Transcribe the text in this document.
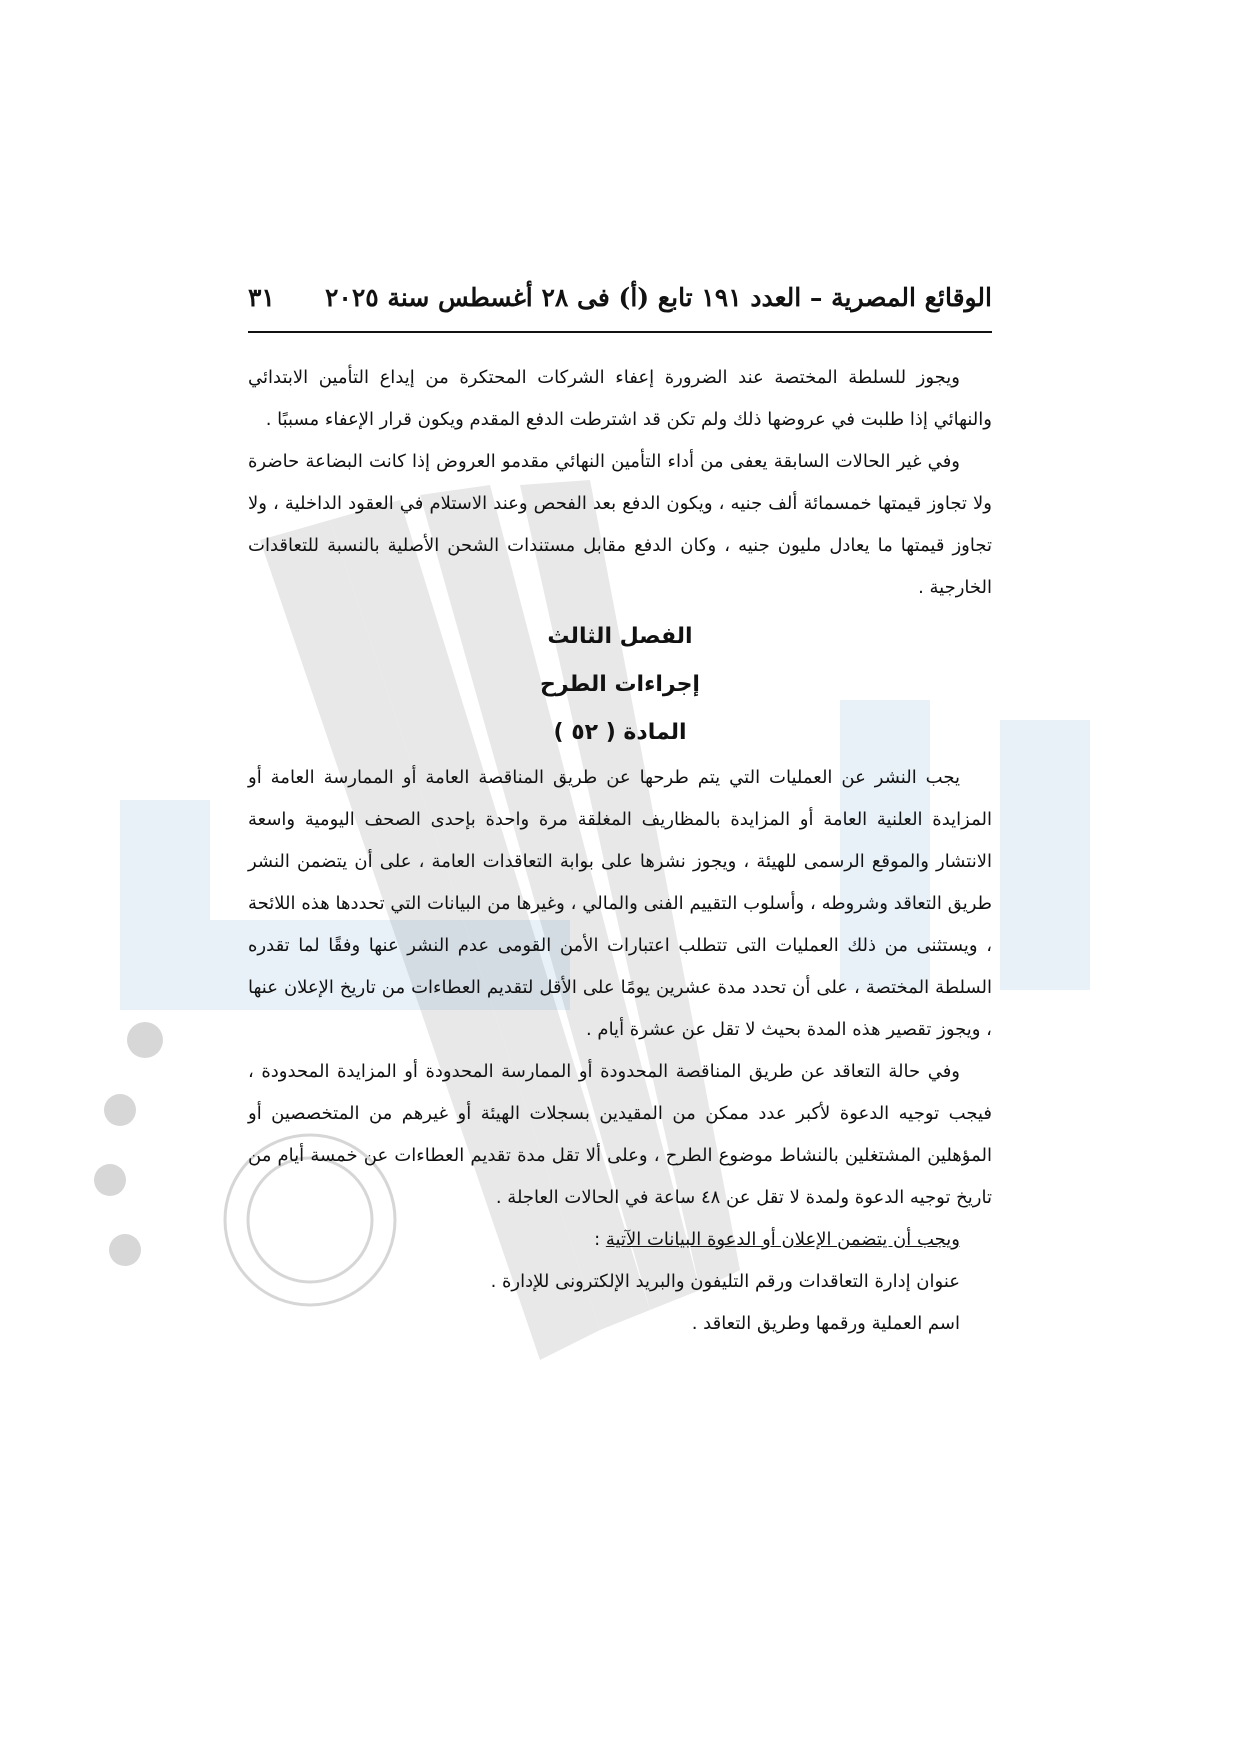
الوقائع المصرية – العدد ١٩١ تابع (أ) فى ٢٨ أغسطس سنة ٢٠٢٥
٣١

ويجوز للسلطة المختصة عند الضرورة إعفاء الشركات المحتكرة من إيداع التأمين الابتدائي والنهائي إذا طلبت في عروضها ذلك ولم تكن قد اشترطت الدفع المقدم ويكون قرار الإعفاء مسببًا .

وفي غير الحالات السابقة يعفى من أداء التأمين النهائي مقدمو العروض إذا كانت البضاعة حاضرة ولا تجاوز قيمتها خمسمائة ألف جنيه ، ويكون الدفع بعد الفحص وعند الاستلام في العقود الداخلية ، ولا تجاوز قيمتها ما يعادل مليون جنيه ، وكان الدفع مقابل مستندات الشحن الأصلية بالنسبة للتعاقدات الخارجية .

الفصل الثالث

إجراءات الطرح

المادة ( ٥٢ )

يجب النشر عن العمليات التي يتم طرحها عن طريق المناقصة العامة أو الممارسة العامة أو المزايدة العلنية العامة أو المزايدة بالمظاريف المغلقة مرة واحدة بإحدى الصحف اليومية واسعة الانتشار والموقع الرسمى للهيئة ، ويجوز نشرها على بوابة التعاقدات العامة ، على أن يتضمن النشر طريق التعاقد وشروطه ، وأسلوب التقييم الفنى والمالي ، وغيرها من البيانات التي تحددها هذه اللائحة ، ويستثنى من ذلك العمليات التى تتطلب اعتبارات الأمن القومى عدم النشر عنها وفقًا لما تقدره السلطة المختصة ، على أن تحدد مدة عشرين يومًا على الأقل لتقديم العطاءات من تاريخ الإعلان عنها ، ويجوز تقصير هذه المدة بحيث لا تقل عن عشرة أيام .

وفي حالة التعاقد عن طريق المناقصة المحدودة أو الممارسة المحدودة أو المزايدة المحدودة ، فيجب توجيه الدعوة لأكبر عدد ممكن من المقيدين بسجلات الهيئة أو غيرهم من المتخصصين أو المؤهلين المشتغلين بالنشاط موضوع الطرح ، وعلى ألا تقل مدة تقديم العطاءات عن خمسة أيام من تاريخ توجيه الدعوة ولمدة لا تقل عن ٤٨ ساعة في الحالات العاجلة .

ويجب أن يتضمن الإعلان أو الدعوة البيانات الآتية :

عنوان إدارة التعاقدات ورقم التليفون والبريد الإلكترونى للإدارة .

اسم العملية ورقمها وطريق التعاقد .
